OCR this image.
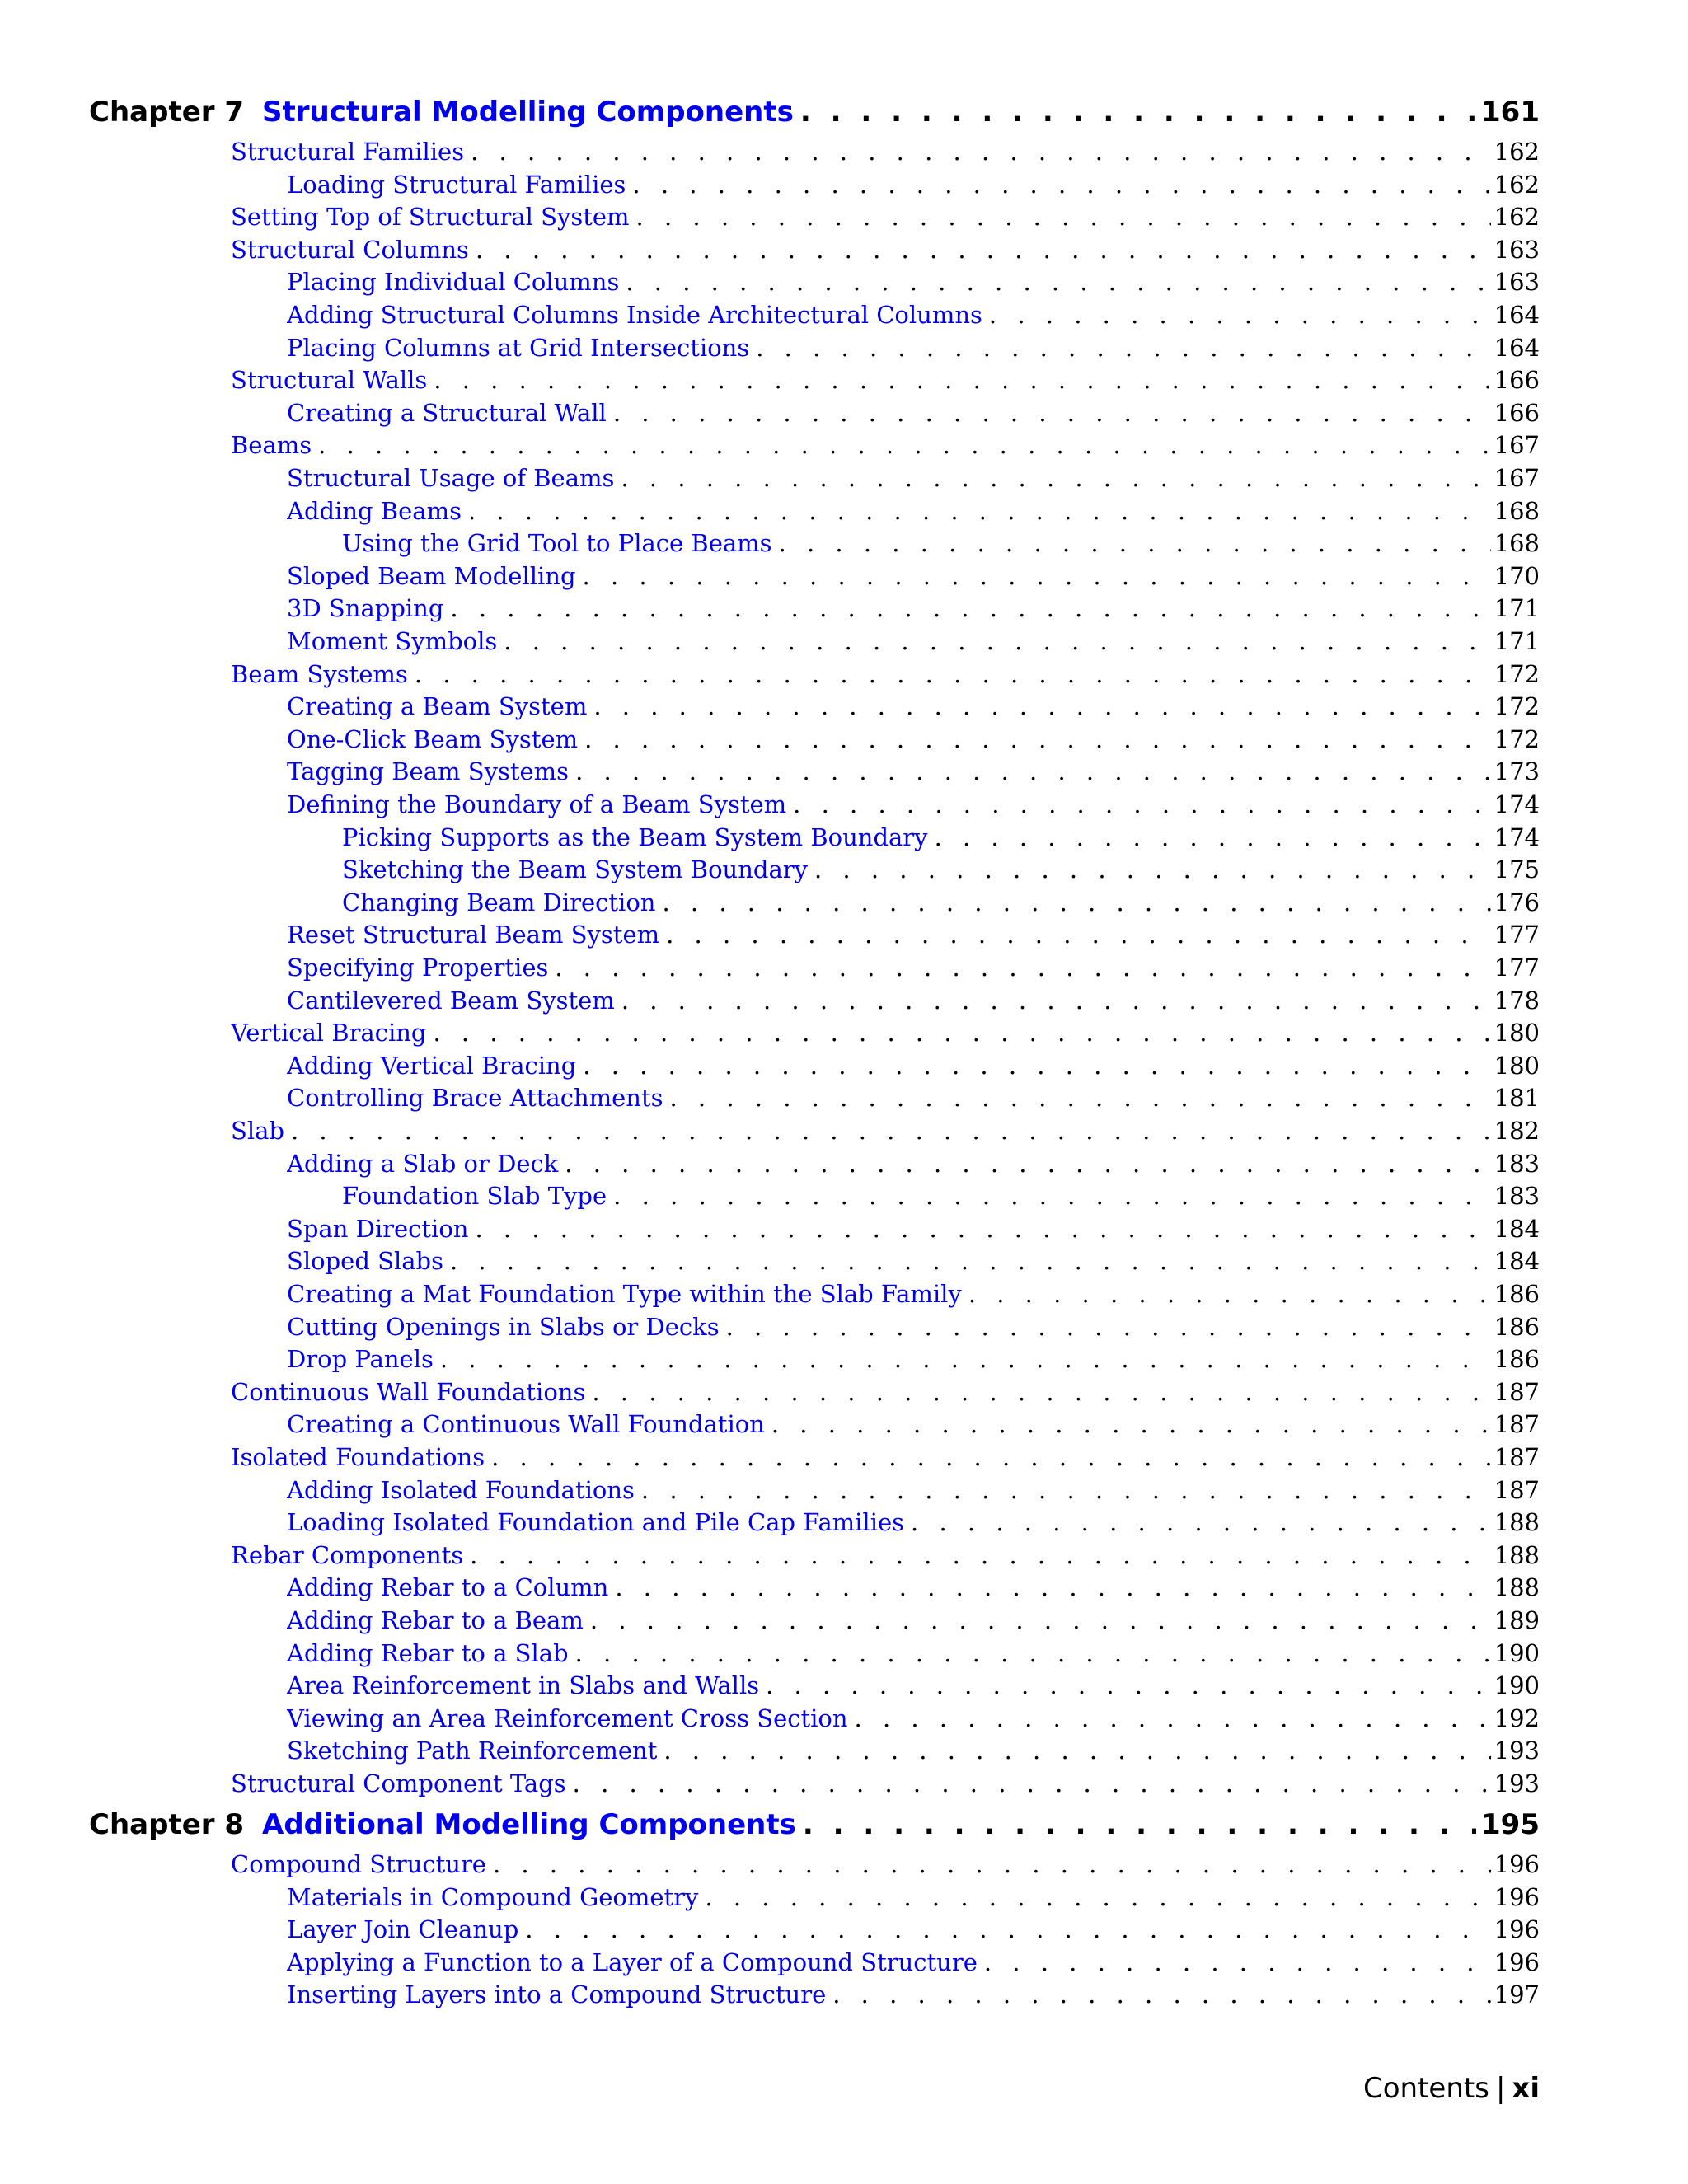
Chapter 7 Structural Modelling Components . . .	161
Structural Families . . .	162
Loading Structural Families . . .	162
Setting Top of Structural System . . .	162
Structural Columns . . .	163
Placing Individual Columns . . .	163
Adding Structural Columns Inside Architectural Columns . . .	164
Placing Columns at Grid Intersections . . .	164
Structural Walls . . .	166
Creating a Structural Wall . . .	166
Beams . . .	167
Structural Usage of Beams . . .	167
Adding Beams . . .	168
Using the Grid Tool to Place Beams . . .	168
Sloped Beam Modelling . . .	170
3D Snapping . . .	171
Moment Symbols . . .	171
Beam Systems . . .	172
Creating a Beam System . . .	172
One-Click Beam System . . .	172
Tagging Beam Systems . . .	173
Defining the Boundary of a Beam System . . .	174
Picking Supports as the Beam System Boundary . . .	174
Sketching the Beam System Boundary . . .	175
Changing Beam Direction . . .	176
Reset Structural Beam System . . .	177
Specifying Properties . . .	177
Cantilevered Beam System . . .	178
Vertical Bracing . . .	180
Adding Vertical Bracing . . .	180
Controlling Brace Attachments . . .	181
Slab . . .	182
Adding a Slab or Deck . . .	183
Foundation Slab Type . . .	183
Span Direction . . .	184
Sloped Slabs . . .	184
Creating a Mat Foundation Type within the Slab Family . . .	186
Cutting Openings in Slabs or Decks . . .	186
Drop Panels . . .	186
Continuous Wall Foundations . . .	187
Creating a Continuous Wall Foundation . . .	187
Isolated Foundations . . .	187
Adding Isolated Foundations . . .	187
Loading Isolated Foundation and Pile Cap Families . . .	188
Rebar Components . . .	188
Adding Rebar to a Column . . .	188
Adding Rebar to a Beam . . .	189
Adding Rebar to a Slab . . .	190
Area Reinforcement in Slabs and Walls . . .	190
Viewing an Area Reinforcement Cross Section . . .	192
Sketching Path Reinforcement . . .	193
Structural Component Tags . . .	193
Chapter 8 Additional Modelling Components . . .	195
Compound Structure . . .	196
Materials in Compound Geometry . . .	196
Layer Join Cleanup . . .	196
Applying a Function to a Layer of a Compound Structure . . .	196
Inserting Layers into a Compound Structure . . .	197
Contents | xi
